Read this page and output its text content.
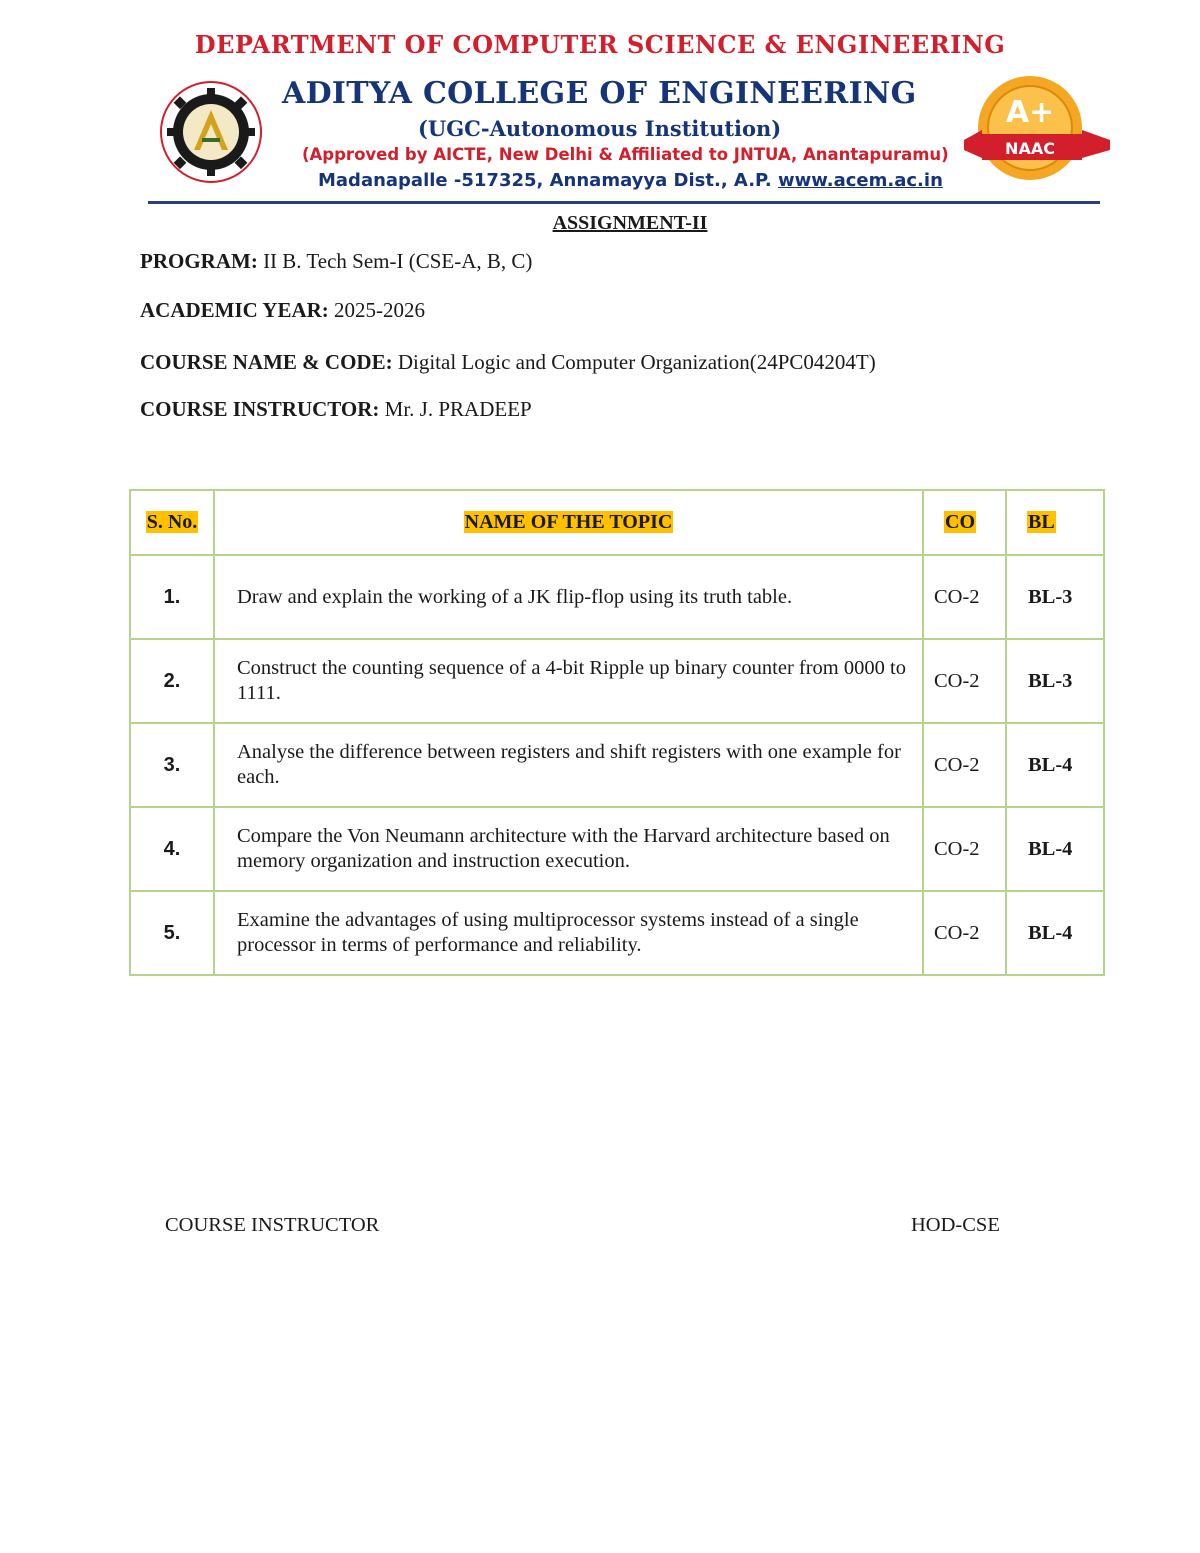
DEPARTMENT OF COMPUTER SCIENCE & ENGINEERING
ADITYA COLLEGE OF ENGINEERING
(UGC-Autonomous Institution)
(Approved by AICTE, New Delhi & Affiliated to JNTUA, Anantapuramu)
Madanapalle -517325, Annamayya Dist., A.P. www.acem.ac.in
A+
NAAC
ASSIGNMENT-II
PROGRAM: II B. Tech Sem-I (CSE-A, B, C)
ACADEMIC YEAR: 2025-2026
COURSE NAME & CODE: Digital Logic and Computer Organization(24PC04204T)
COURSE INSTRUCTOR: Mr. J. PRADEEP
S. No.	NAME OF THE TOPIC	CO	BL
1.	Draw and explain the working of a JK flip-flop using its truth table.	CO-2	BL-3
2.	Construct the counting sequence of a 4-bit Ripple up binary counter from 0000 to 1111.	CO-2	BL-3
3.	Analyse the difference between registers and shift registers with one example for each.	CO-2	BL-4
4.	Compare the Von Neumann architecture with the Harvard architecture based on memory organization and instruction execution.	CO-2	BL-4
5.	Examine the advantages of using multiprocessor systems instead of a single processor in terms of performance and reliability.	CO-2	BL-4
COURSE INSTRUCTOR	HOD-CSE
